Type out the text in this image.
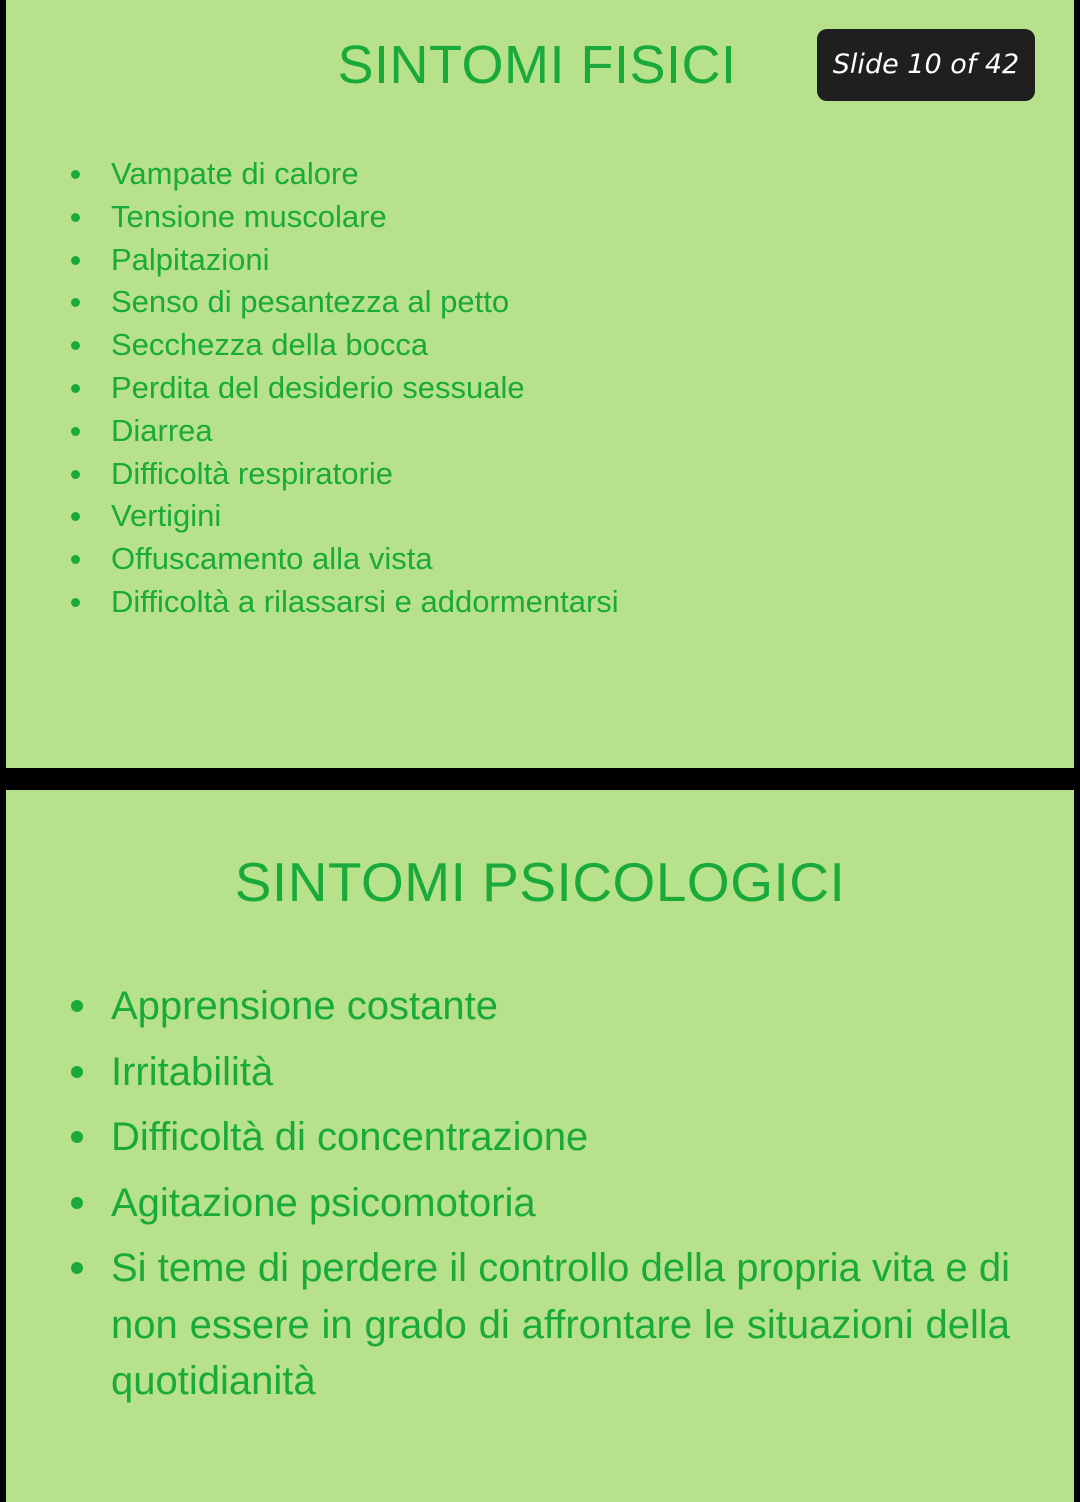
SINTOMI FISICI
Vampate di calore
Tensione muscolare
Palpitazioni
Senso di pesantezza al petto
Secchezza della bocca
Perdita del desiderio sessuale
Diarrea
Difficoltà respiratorie
Vertigini
Offuscamento alla vista
Difficoltà a rilassarsi e addormentarsi
Slide 10 of 42
SINTOMI PSICOLOGICI
Apprensione costante
Irritabilità
Difficoltà di concentrazione
Agitazione psicomotoria
Si teme di perdere il controllo della propria vita e di non essere in grado di affrontare le situazioni della quotidianità
